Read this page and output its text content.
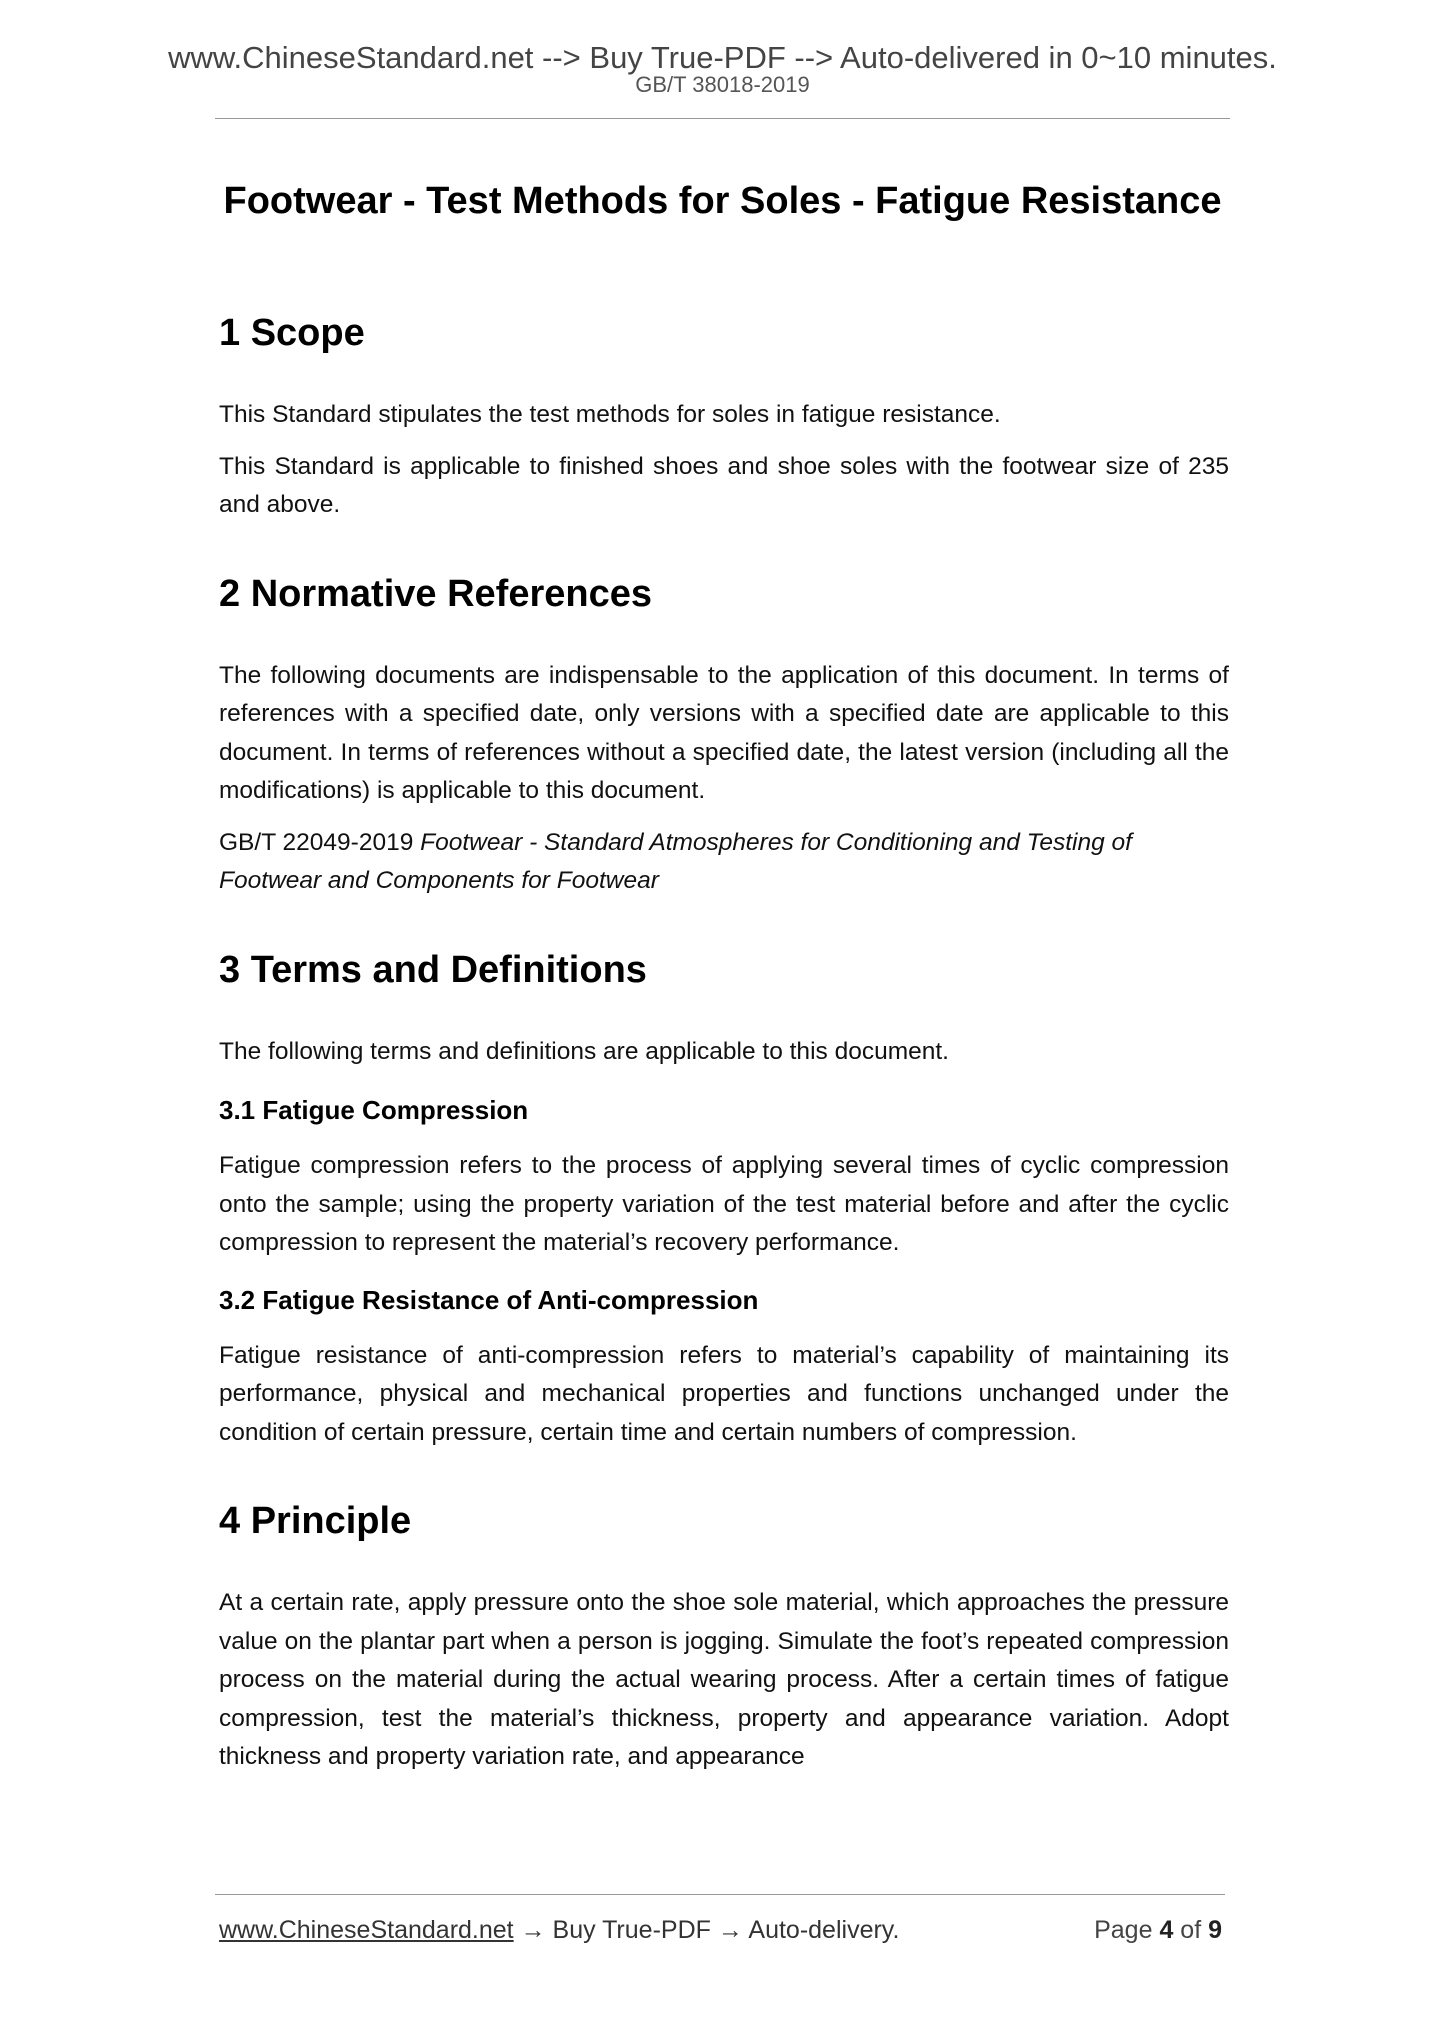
www.ChineseStandard.net --> Buy True-PDF --> Auto-delivered in 0~10 minutes.
GB/T 38018-2019
Footwear - Test Methods for Soles - Fatigue Resistance
1 Scope

This Standard stipulates the test methods for soles in fatigue resistance.

This Standard is applicable to finished shoes and shoe soles with the footwear size of 235 and above.

2 Normative References

The following documents are indispensable to the application of this document. In terms of references with a specified date, only versions with a specified date are applicable to this document. In terms of references without a specified date, the latest version (including all the modifications) is applicable to this document.

GB/T 22049-2019 Footwear - Standard Atmospheres for Conditioning and Testing of Footwear and Components for Footwear

3 Terms and Definitions

The following terms and definitions are applicable to this document.

3.1 Fatigue Compression

Fatigue compression refers to the process of applying several times of cyclic compression onto the sample; using the property variation of the test material before and after the cyclic compression to represent the material’s recovery performance.

3.2 Fatigue Resistance of Anti-compression

Fatigue resistance of anti-compression refers to material’s capability of maintaining its performance, physical and mechanical properties and functions unchanged under the condition of certain pressure, certain time and certain numbers of compression.

4 Principle

At a certain rate, apply pressure onto the shoe sole material, which approaches the pressure value on the plantar part when a person is jogging. Simulate the foot’s repeated compression process on the material during the actual wearing process. After a certain times of fatigue compression, test the material’s thickness, property and appearance variation. Adopt thickness and property variation rate, and appearance

www.ChineseStandard.net → Buy True-PDF → Auto-delivery.	Page 4 of 9
